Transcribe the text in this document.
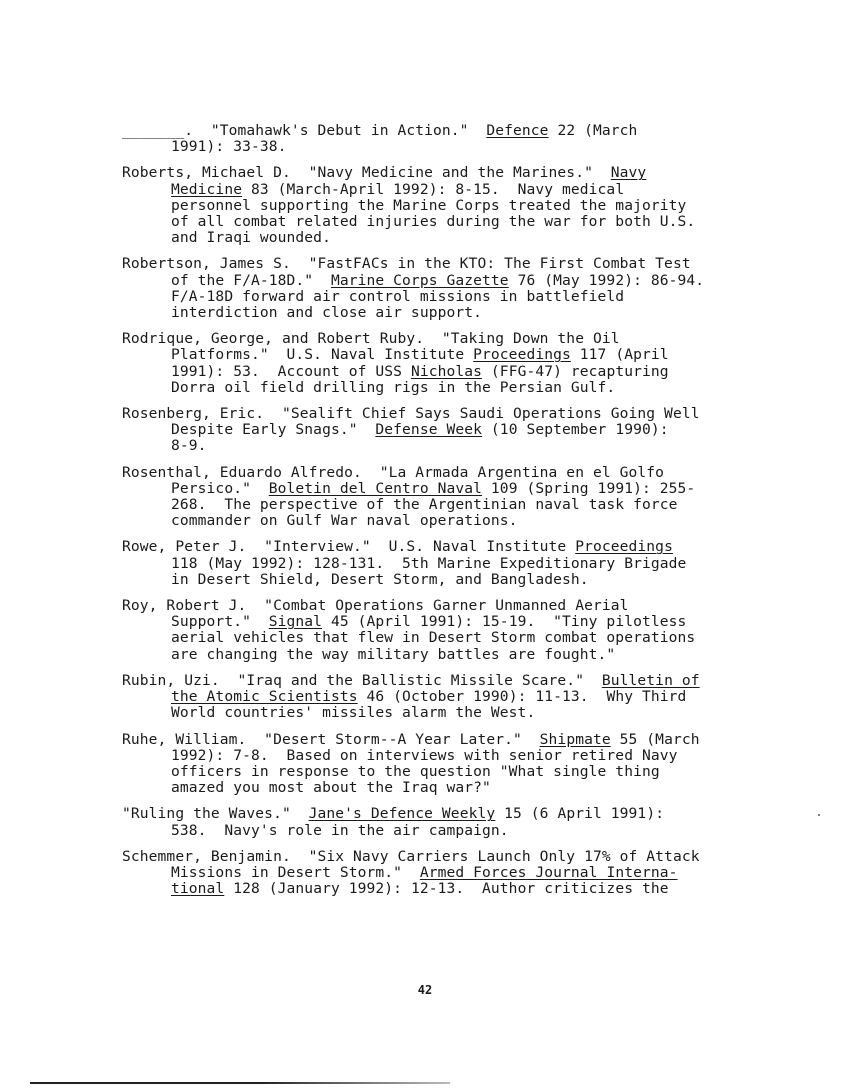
_______.  "Tomahawk's Debut in Action."  Defence 22 (March
1991): 33-38.

Roberts, Michael D.  "Navy Medicine and the Marines."  Navy
Medicine 83 (March-April 1992): 8-15.  Navy medical
personnel supporting the Marine Corps treated the majority
of all combat related injuries during the war for both U.S.
and Iraqi wounded.

Robertson, James S.  "FastFACs in the KTO: The First Combat Test
of the F/A-18D."  Marine Corps Gazette 76 (May 1992): 86-94.
F/A-18D forward air control missions in battlefield
interdiction and close air support.

Rodrique, George, and Robert Ruby.  "Taking Down the Oil
Platforms."  U.S. Naval Institute Proceedings 117 (April
1991): 53.  Account of USS Nicholas (FFG-47) recapturing
Dorra oil field drilling rigs in the Persian Gulf.

Rosenberg, Eric.  "Sealift Chief Says Saudi Operations Going Well
Despite Early Snags."  Defense Week (10 September 1990):
8-9.

Rosenthal, Eduardo Alfredo.  "La Armada Argentina en el Golfo
Persico."  Boletin del Centro Naval 109 (Spring 1991): 255-
268.  The perspective of the Argentinian naval task force
commander on Gulf War naval operations.

Rowe, Peter J.  "Interview."  U.S. Naval Institute Proceedings
118 (May 1992): 128-131.  5th Marine Expeditionary Brigade
in Desert Shield, Desert Storm, and Bangladesh.

Roy, Robert J.  "Combat Operations Garner Unmanned Aerial
Support."  Signal 45 (April 1991): 15-19.  "Tiny pilotless
aerial vehicles that flew in Desert Storm combat operations
are changing the way military battles are fought."

Rubin, Uzi.  "Iraq and the Ballistic Missile Scare."  Bulletin of
the Atomic Scientists 46 (October 1990): 11-13.  Why Third
World countries' missiles alarm the West.

Ruhe, William.  "Desert Storm--A Year Later."  Shipmate 55 (March
1992): 7-8.  Based on interviews with senior retired Navy
officers in response to the question "What single thing
amazed you most about the Iraq war?"

"Ruling the Waves."  Jane's Defence Weekly 15 (6 April 1991):
538.  Navy's role in the air campaign.

Schemmer, Benjamin.  "Six Navy Carriers Launch Only 17% of Attack
Missions in Desert Storm."  Armed Forces Journal Interna-
tional 128 (January 1992): 12-13.  Author criticizes the

42
